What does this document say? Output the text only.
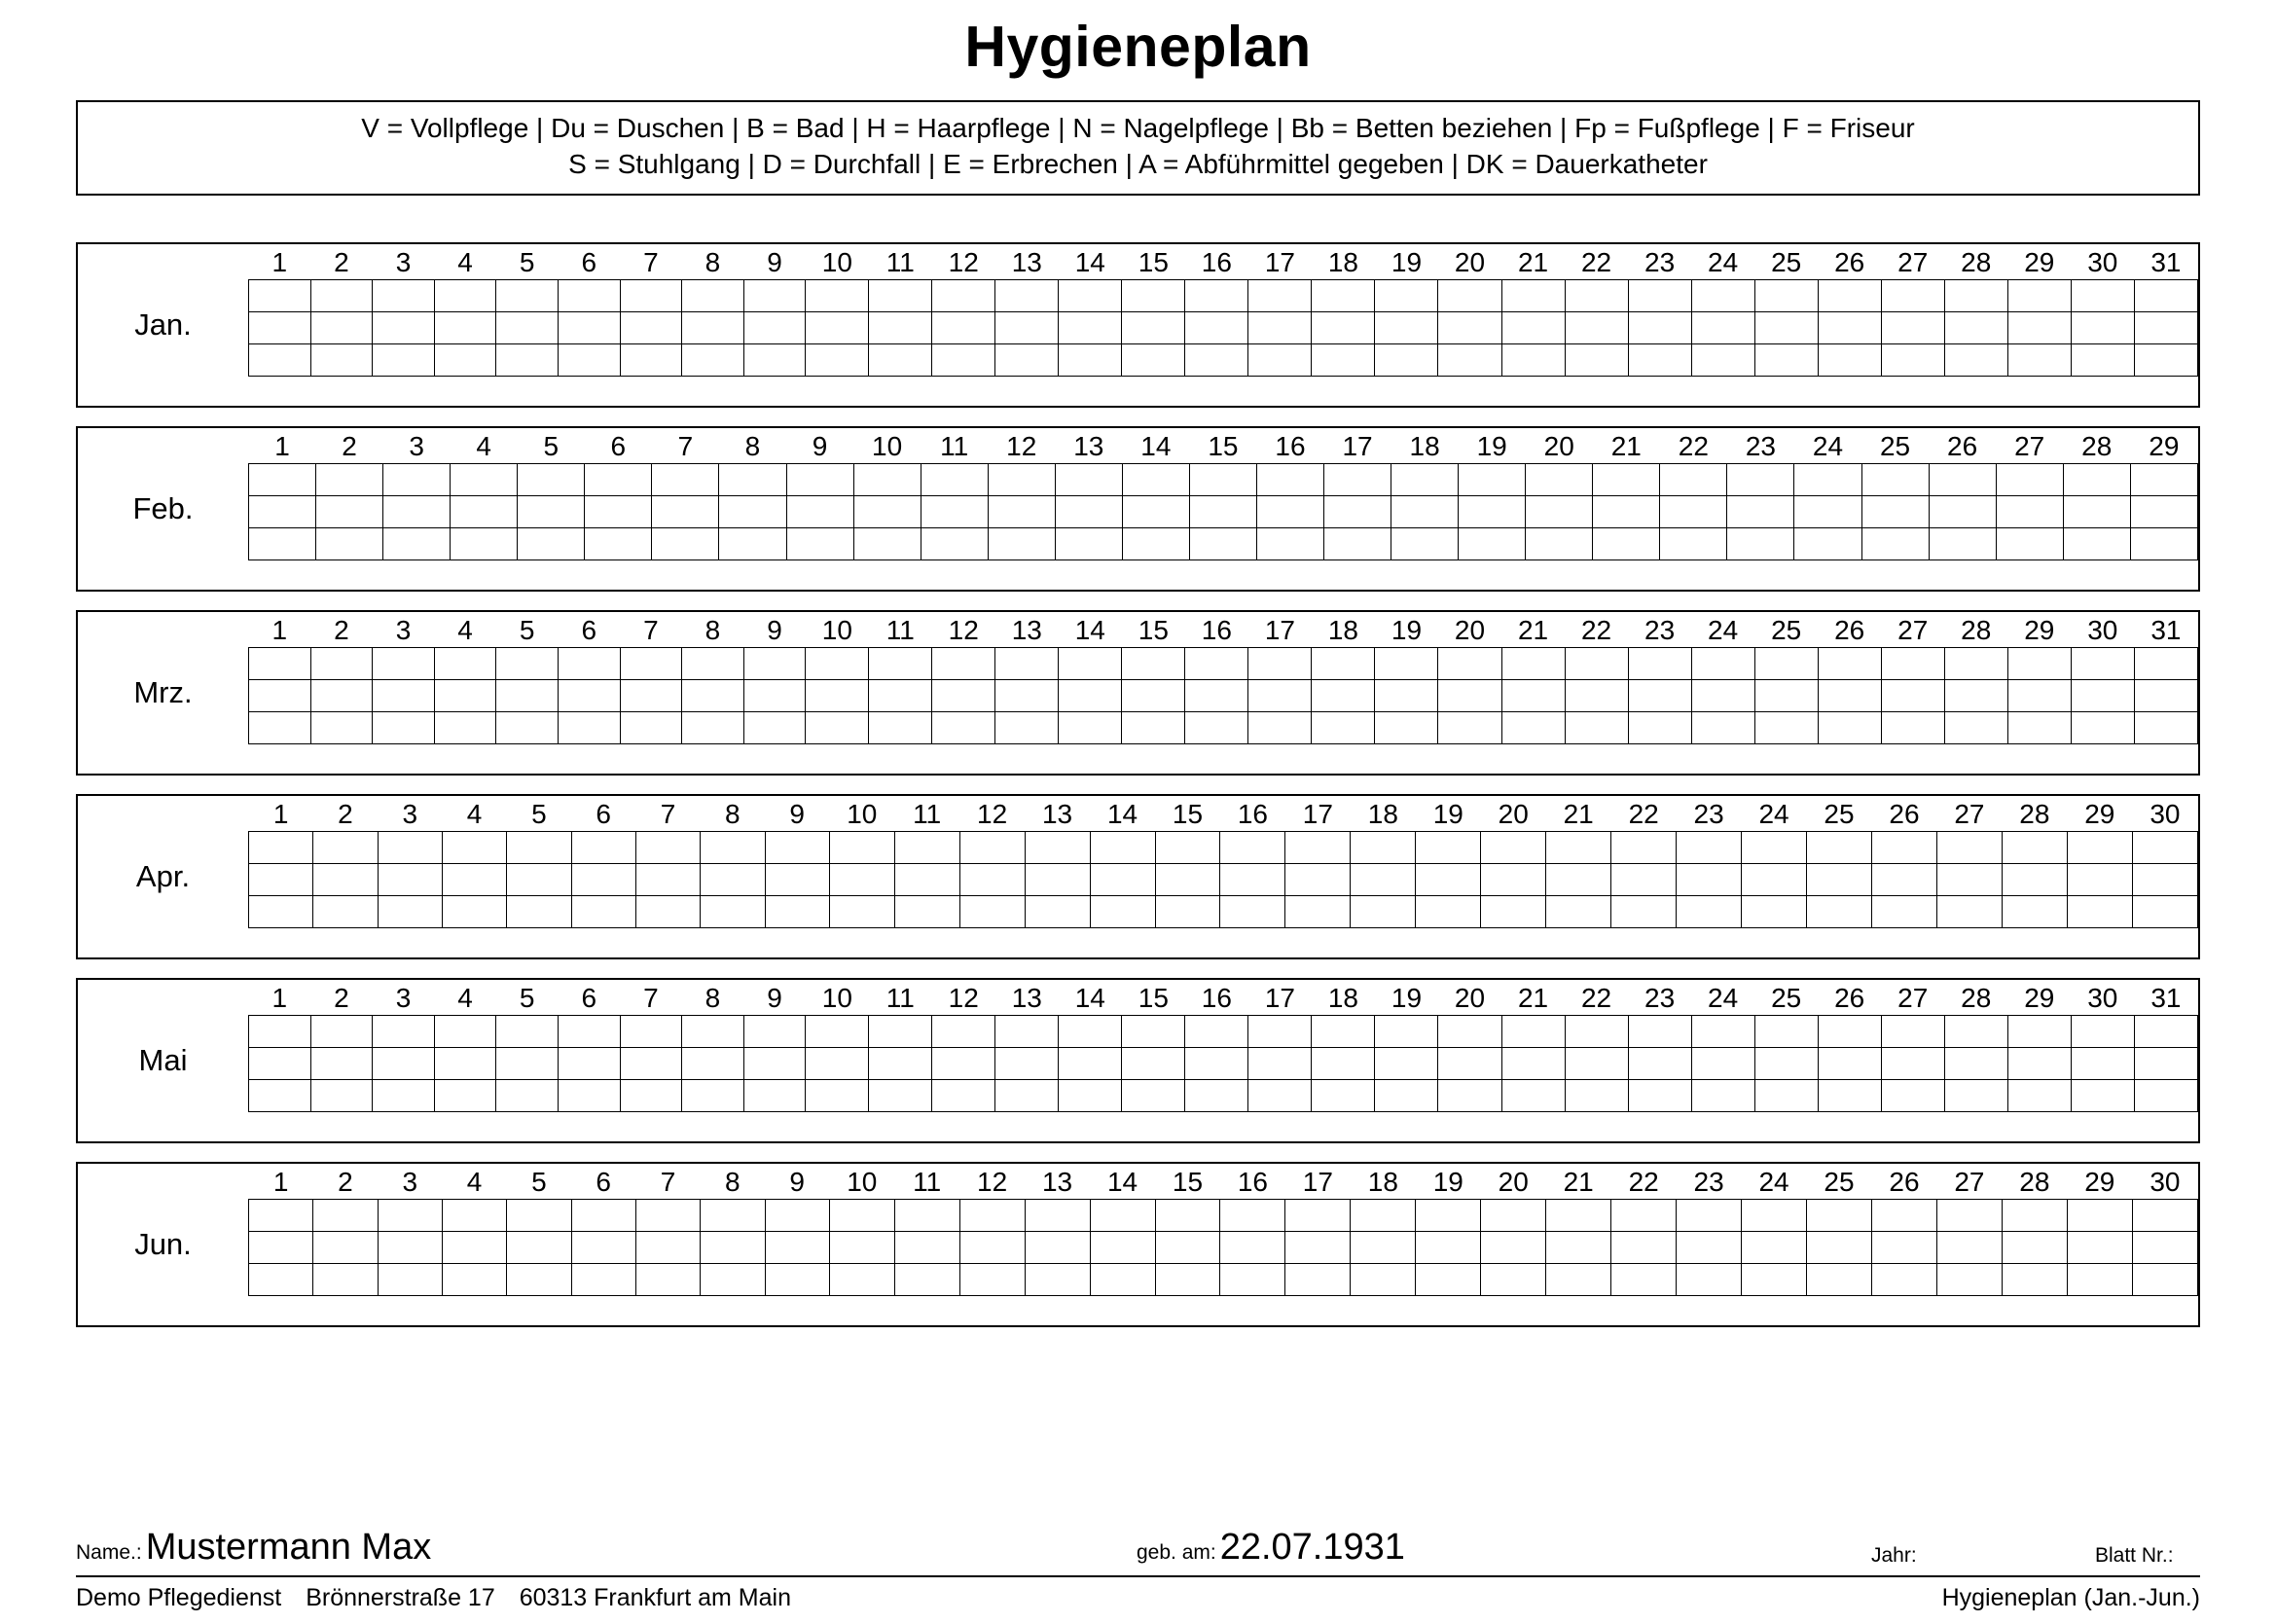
Hygieneplan
V = Vollpflege | Du = Duschen | B = Bad | H = Haarpflege | N = Nagelpflege | Bb = Betten beziehen | Fp = Fußpflege | F = Friseur
S = Stuhlgang | D = Durchfall | E = Erbrechen | A = Abführmittel gegeben | DK = Dauerkatheter
Jan.
1	2	3	4	5	6	7	8	9	10	11	12	13	14	15	16	17	18	19	20	21	22	23	24	25	26	27	28	29	30	31

Feb.
1	2	3	4	5	6	7	8	9	10	11	12	13	14	15	16	17	18	19	20	21	22	23	24	25	26	27	28	29

Mrz.
1	2	3	4	5	6	7	8	9	10	11	12	13	14	15	16	17	18	19	20	21	22	23	24	25	26	27	28	29	30	31

Apr.
1	2	3	4	5	6	7	8	9	10	11	12	13	14	15	16	17	18	19	20	21	22	23	24	25	26	27	28	29	30

Mai
1	2	3	4	5	6	7	8	9	10	11	12	13	14	15	16	17	18	19	20	21	22	23	24	25	26	27	28	29	30	31

Jun.
1	2	3	4	5	6	7	8	9	10	11	12	13	14	15	16	17	18	19	20	21	22	23	24	25	26	27	28	29	30

Name.: Mustermann Max	geb. am: 22.07.1931	Jahr:	Blatt Nr.:
Demo Pflegedienst Brönnerstraße 17 60313 Frankfurt am Main	Hygieneplan (Jan.-Jun.)
